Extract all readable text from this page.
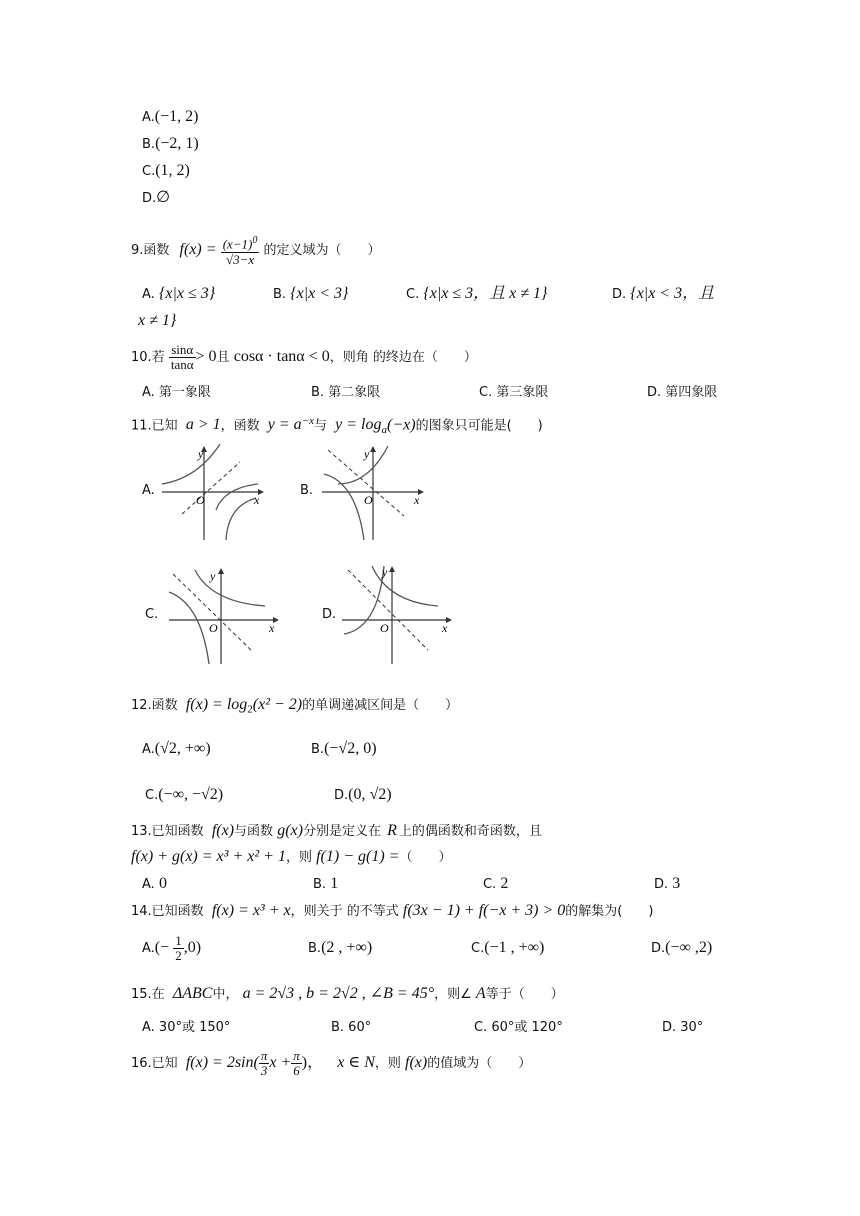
A.(−1, 2)
B.(−2, 1)
C.(1, 2)
D.∅
9.函数 $f(x) = \frac{(x-1)^0}{√3-x}$ 的定义域为（　　）
A. {x|x ≤ 3}	B. {x|x < 3}	C. {x|x ≤ 3，且 x ≠ 1}	D. {x|x < 3，且
x ≠ 1}
10.若 $\frac{\sin\alpha}{\tan\alpha} > 0$且 cosα · tanα < 0，则角 的终边在（　　）
A. 第一象限	B. 第二象限	C. 第三象限	D. 第四象限
11.已知 a > 1，函数 $y = a^{-x}$与 $y = \log_a(-x)$的图象只可能是(　　)
A.	B.
C.	D.
O
y
x	O
y
x
O
y
x	O
y
x
12.函数 $f(x) = \log_2(x^2 - 2)$的单调递减区间是（　　）
A.(√2, +∞)	B.(−√2, 0)
C.(−∞, −√2)	D.(0, √2)
13.已知函数 f(x)与函数 g(x)分别是定义在 R 上的偶函数和奇函数，且
f(x) + g(x) = x³ + x² + 1，则 f(1) − g(1) =（　　）
A. 0	B. 1	C. 2	D. 3
14.已知函数 f(x) = x³ + x，则关于 的不等式 f(3x − 1) + f(−x + 3) > 0的解集为(　　)
$A.(- \frac{1}{2} ,0)$	B.(2 , +∞)	C.(−1 , +∞)	D.(−∞ ,2)
15.在 ΔABC中， a = 2√3 , b = 2√2 , ∠B = 45°，则∠ A等于（　　）
A. 30°或 150°	B. 60°	C. 60°或 120°	D. 30°
16.已知 $f(x) = 2\sin( \frac{\pi}{3}$ $x + \frac{\pi}{6}$ )， x ∈ N，则 f(x)的值域为（　　）
